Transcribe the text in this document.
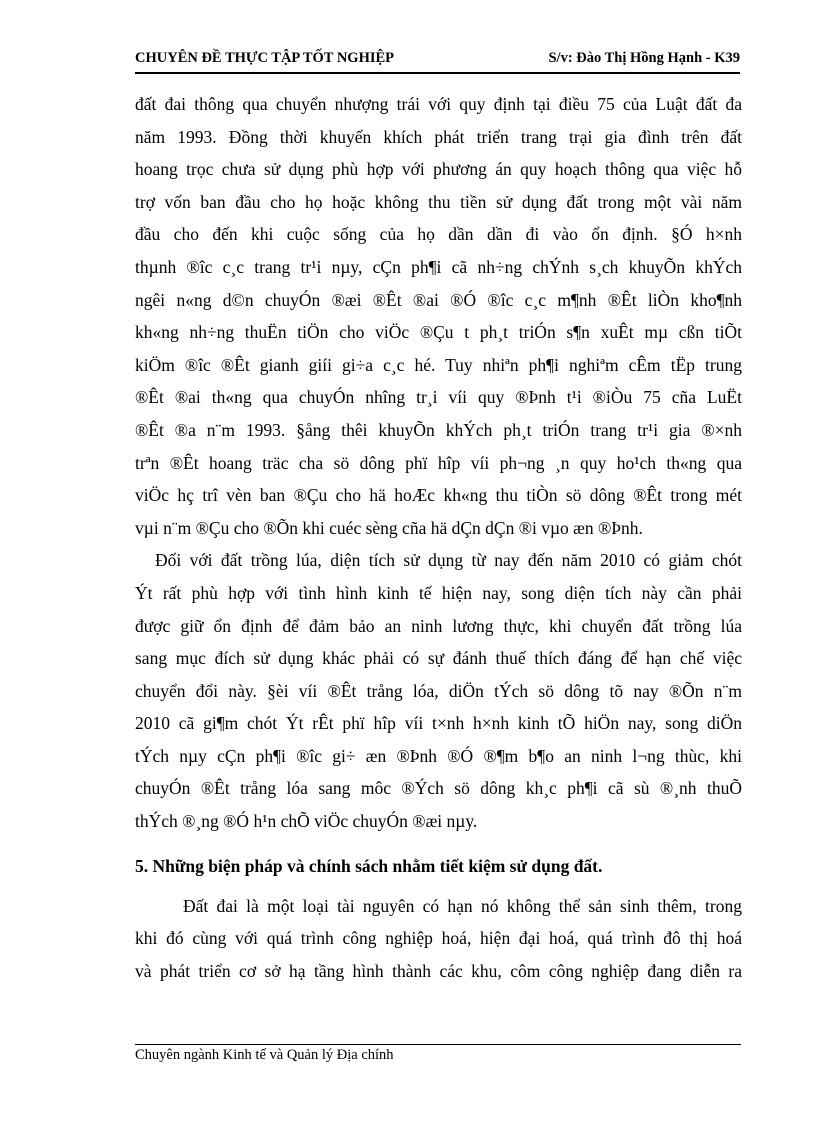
CHUYÊN ĐỀ THỰC TẬP TỐT NGHIỆP	S/v: Đào Thị Hồng Hạnh - K39
đất đai thông qua chuyển nhượng trái với quy định tại điều 75 của Luật đất đa
năm 1993. Đồng thời khuyến khích phát triển trang trại gia đình trên đất
hoang trọc chưa sử dụng phù hợp với phương án quy hoạch thông qua việc hỗ
trợ vốn ban đầu cho họ hoặc không thu tiền sử dụng đất trong một vài năm
đầu cho đến khi cuộc sống của họ dần dần đi vào ổn định. §Ó h×nh
thµnh ®îc c¸c trang tr¹i nµy, cÇn ph¶i cã nh÷ng chÝnh s¸ch khuyÕn khÝch
ngêi n«ng d©n chuyÓn ®æi ®Êt ®ai ®Ó ®îc c¸c m¶nh ®Êt liÒn kho¶nh
kh«ng nh÷ng thuËn tiÖn cho viÖc ®Çu t ph¸t triÓn s¶n xuÊt mµ cßn tiÕt
kiÖm ®îc ®Êt gianh giíi gi÷a c¸c hé. Tuy nhiªn ph¶i nghiªm cÊm tËp trung
®Êt ®ai th«ng qua chuyÓn nhîng tr¸i víi quy ®Þnh t¹i ®iÒu 75 cña LuËt
®Êt ®a n¨m 1993. §ång thêi khuyÕn khÝch ph¸t triÓn trang tr¹i gia ®×nh
trªn ®Êt hoang träc cha sö dông phï hîp víi ph¬ng ¸n quy ho¹ch th«ng qua
viÖc hç trî vèn ban ®Çu cho hä hoÆc kh«ng thu tiÒn sö dông ®Êt trong mét
vµi n¨m ®Çu cho ®Õn khi cuéc sèng cña hä dÇn dÇn ®i vµo æn ®Þnh.
Đối với đất trồng lúa, diện tích sử dụng từ nay đến năm 2010 có giảm chót
Ýt rất phù hợp với tình hình kinh tế hiện nay, song diện tích này cần phải
được giữ ổn định để đảm bảo an ninh lương thực, khi chuyển đất trồng lúa
sang mục đích sử dụng khác phải có sự đánh thuế thích đáng để hạn chế việc
chuyển đổi này. §èi víi ®Êt trång lóa, diÖn tÝch sö dông tõ nay ®Õn n¨m
2010 cã gi¶m chót Ýt rÊt phï hîp víi t×nh h×nh kinh tÕ hiÖn nay, song diÖn
tÝch nµy cÇn ph¶i ®îc gi÷ æn ®Þnh ®Ó ®¶m b¶o an ninh l¬ng thùc, khi
chuyÓn ®Êt trång lóa sang môc ®Ých sö dông kh¸c ph¶i cã sù ®¸nh thuÕ
thÝch ®¸ng ®Ó h¹n chÕ viÖc chuyÓn ®æi nµy.
5. Những biện pháp và chính sách nhằm tiết kiệm sử dụng đất.
Đất đai là một loại tài nguyên có hạn nó không thể sản sinh thêm, trong
khi đó cùng với quá trình công nghiệp hoá, hiện đại hoá, quá trình đô thị hoá
và phát triển cơ sở hạ tầng hình thành các khu, côm công nghiệp đang diễn ra
Chuyên ngành Kinh tế và Quản lý Địa chính
